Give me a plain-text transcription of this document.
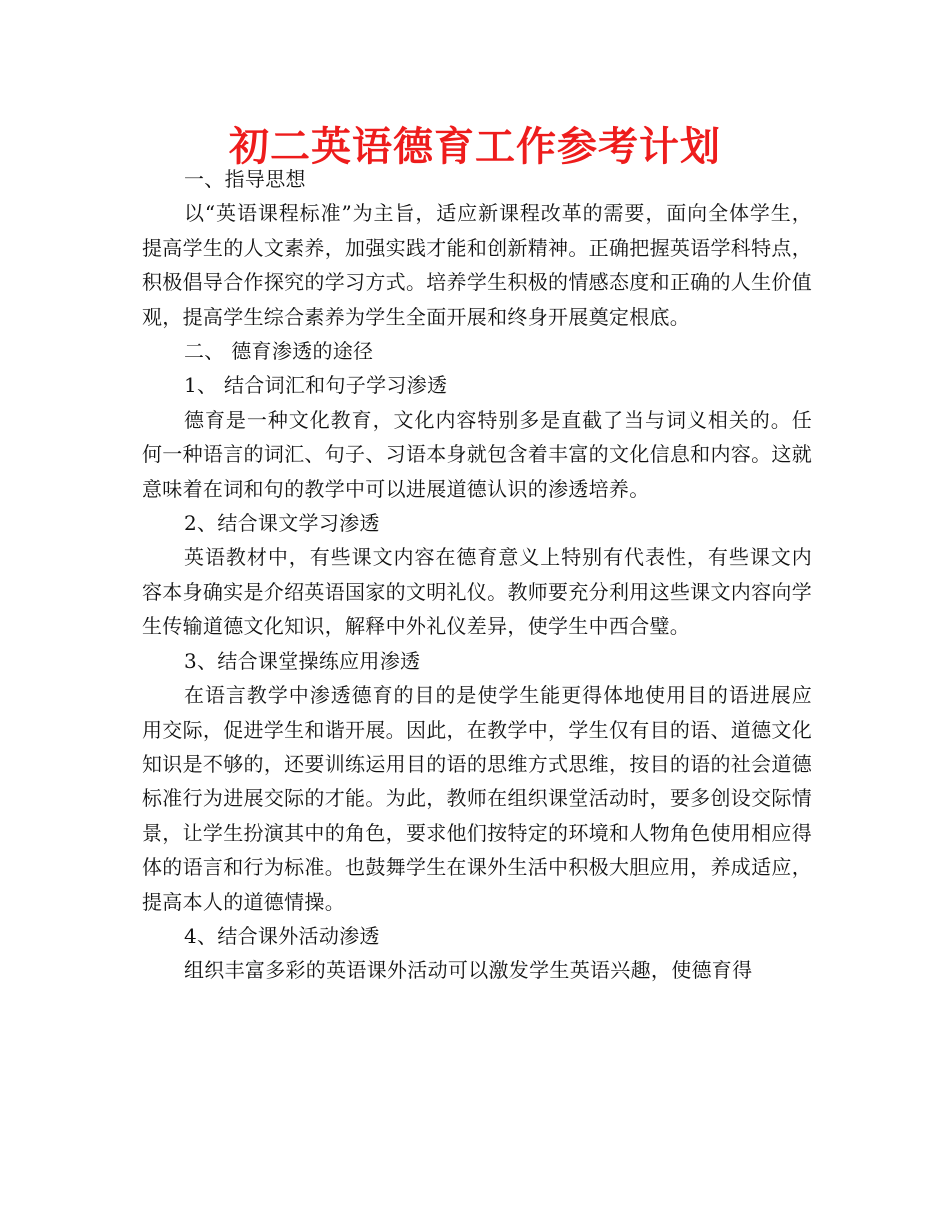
初二英语德育工作参考计划

一、指导思想

以“英语课程标准”为主旨，适应新课程改革的需要，面向全体学生，提高学生的人文素养，加强实践才能和创新精神。正确把握英语学科特点，积极倡导合作探究的学习方式。培养学生积极的情感态度和正确的人生价值观，提高学生综合素养为学生全面开展和终身开展奠定根底。

二、 德育渗透的途径

1、 结合词汇和句子学习渗透

德育是一种文化教育，文化内容特别多是直截了当与词义相关的。任何一种语言的词汇、句子、习语本身就包含着丰富的文化信息和内容。这就意味着在词和句的教学中可以进展道德认识的渗透培养。

2、结合课文学习渗透

英语教材中，有些课文内容在德育意义上特别有代表性，有些课文内容本身确实是介绍英语国家的文明礼仪。教师要充分利用这些课文内容向学生传输道德文化知识，解释中外礼仪差异，使学生中西合璧。

3、结合课堂操练应用渗透

在语言教学中渗透德育的目的是使学生能更得体地使用目的语进展应用交际，促进学生和谐开展。因此，在教学中，学生仅有目的语、道德文化知识是不够的，还要训练运用目的语的思维方式思维，按目的语的社会道德标准行为进展交际的才能。为此，教师在组织课堂活动时，要多创设交际情景，让学生扮演其中的角色，要求他们按特定的环境和人物角色使用相应得体的语言和行为标准。也鼓舞学生在课外生活中积极大胆应用，养成适应，提高本人的道德情操。

4、结合课外活动渗透

组织丰富多彩的英语课外活动可以激发学生英语兴趣，使德育得
